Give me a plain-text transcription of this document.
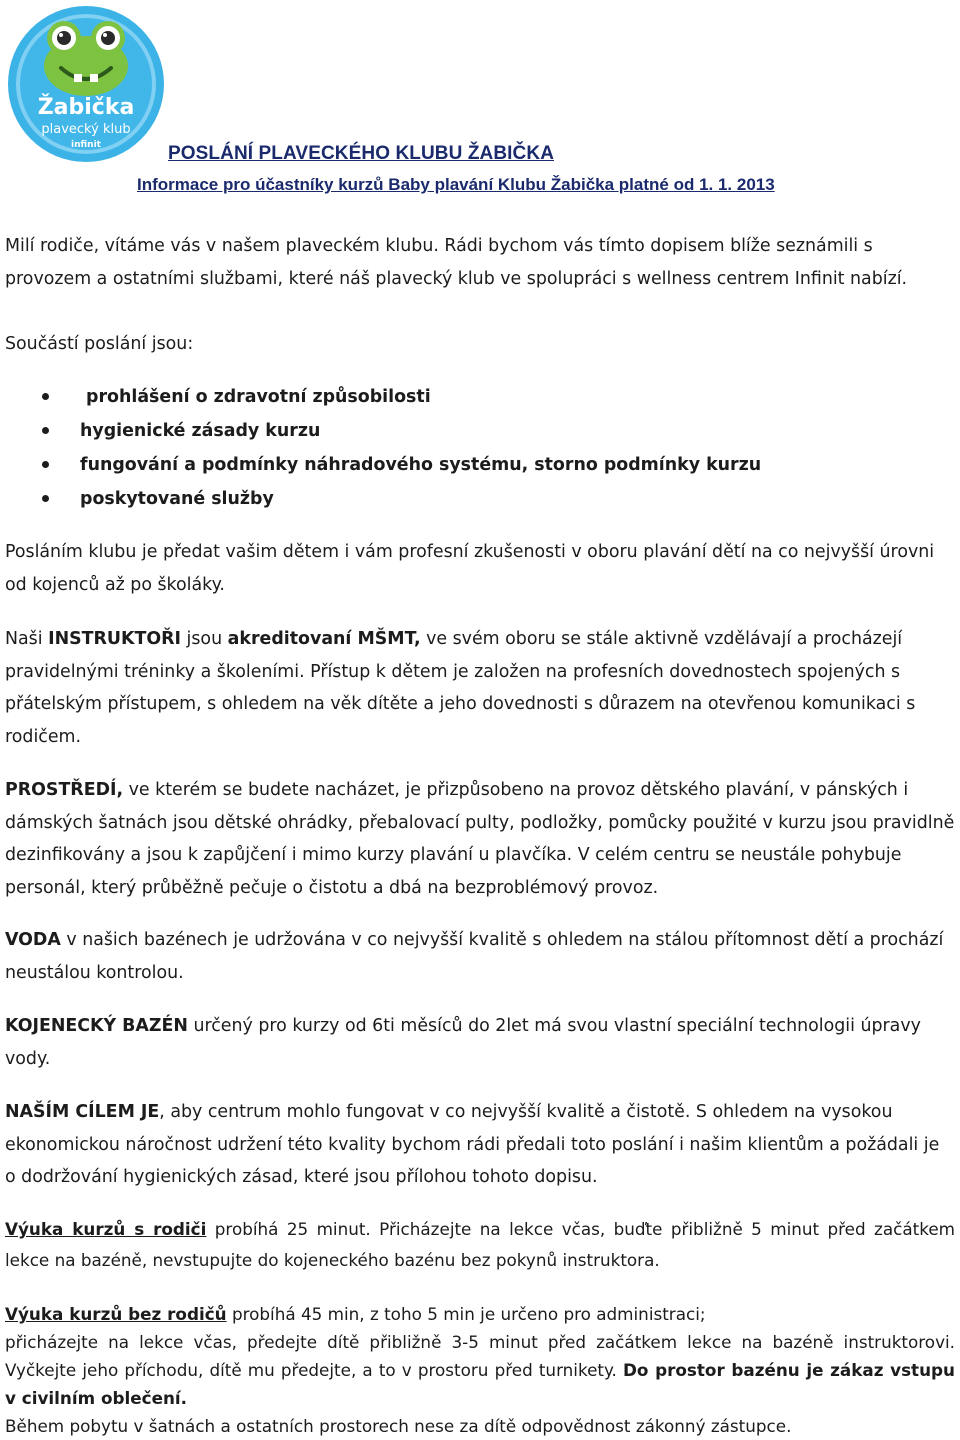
Žabička
plavecký klub
infinit	POSLÁNÍ PLAVECKÉHO KLUBU ŽABIČKA
Informace pro účastníky kurzů Baby plavání Klubu Žabička platné od 1. 1. 2013

Milí rodiče, vítáme vás v našem plaveckém klubu. Rádi bychom vás tímto dopisem blíže seznámili s provozem a ostatními službami, které náš plavecký klub ve spolupráci s wellness centrem Infinit nabízí.

Součástí poslání jsou:

prohlášení o zdravotní způsobilosti
hygienické zásady kurzu
fungování a podmínky náhradového systému, storno podmínky kurzu
poskytované služby

Posláním klubu je předat vašim dětem i vám profesní zkušenosti v oboru plavání dětí na co nejvyšší úrovni od kojenců až po školáky.

Naši INSTRUKTOŘI jsou akreditovaní MŠMT, ve svém oboru se stále aktivně vzdělávají a procházejí pravidelnými tréninky a školeními. Přístup k dětem je založen na profesních dovednostech spojených s přátelským přístupem, s ohledem na věk dítěte a jeho dovednosti s důrazem na otevřenou komunikaci s rodičem.

PROSTŘEDÍ, ve kterém se budete nacházet, je přizpůsobeno na provoz dětského plavání, v pánských i dámských šatnách jsou dětské ohrádky, přebalovací pulty, podložky, pomůcky použité v kurzu jsou pravidlně dezinfikovány a jsou k zapůjčení i mimo kurzy plavání u plavčíka. V celém centru se neustále pohybuje personál, který průběžně pečuje o čistotu a dbá na bezproblémový provoz.

VODA v našich bazénech je udržována v co nejvyšší kvalitě s ohledem na stálou přítomnost dětí a prochází neustálou kontrolou.

KOJENECKÝ BAZÉN určený pro kurzy od 6ti měsíců do 2let má svou vlastní speciální technologii úpravy vody.

NAŠÍM CÍLEM JE, aby centrum mohlo fungovat v co nejvyšší kvalitě a čistotě. S ohledem na vysokou ekonomickou náročnost udržení této kvality bychom rádi předali toto poslání i našim klientům a požádali je o dodržování hygienických zásad, které jsou přílohou tohoto dopisu.

Výuka kurzů s rodiči probíhá 25 minut. Přicházejte na lekce včas, buďte přibližně 5 minut před začátkem lekce na bazéně, nevstupujte do kojeneckého bazénu bez pokynů instruktora.

Výuka kurzů bez rodičů probíhá 45 min, z toho 5 min je určeno pro administraci;

přicházejte na lekce včas, předejte dítě přibližně 3-5 minut před začátkem lekce na bazéně instruktorovi. Vyčkejte jeho příchodu, dítě mu předejte, a to v prostoru před turnikety. Do prostor bazénu je zákaz vstupu v civilním oblečení.

Během pobytu v šatnách a ostatních prostorech nese za dítě odpovědnost zákonný zástupce.
